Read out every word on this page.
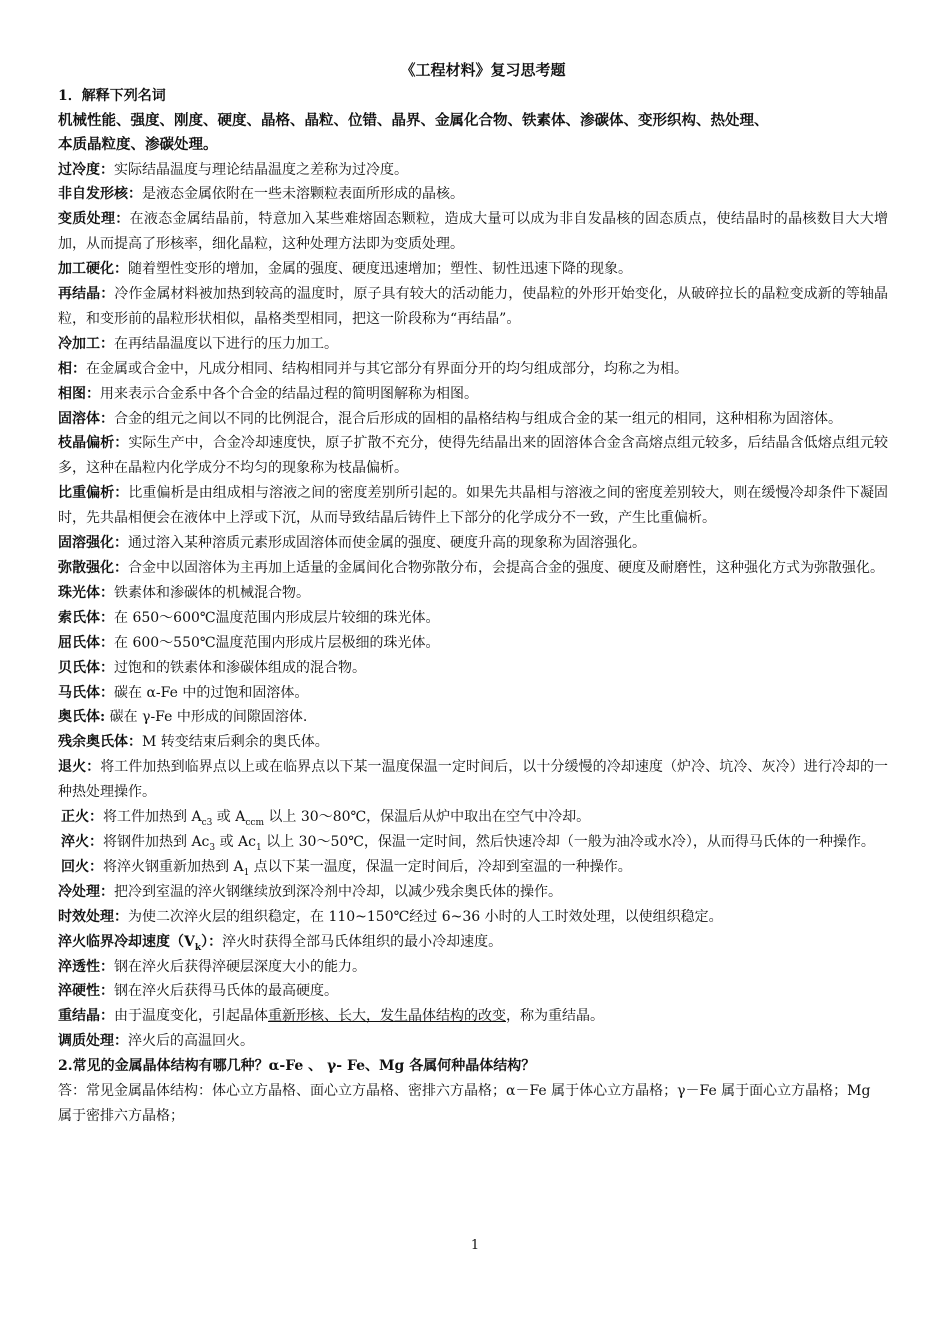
《工程材料》复习思考题
1．解释下列名词
机械性能、强度、刚度、硬度、晶格、晶粒、位错、晶界、金属化合物、铁素体、渗碳体、变形织构、热处理、
本质晶粒度、渗碳处理。
过冷度：实际结晶温度与理论结晶温度之差称为过冷度。
非自发形核：是液态金属依附在一些未溶颗粒表面所形成的晶核。
变质处理：在液态金属结晶前，特意加入某些难熔固态颗粒，造成大量可以成为非自发晶核的固态质点，使结晶时的晶核数目大大增加，从而提高了形核率，细化晶粒，这种处理方法即为变质处理。
加工硬化：随着塑性变形的增加，金属的强度、硬度迅速增加；塑性、韧性迅速下降的现象。
再结晶：冷作金属材料被加热到较高的温度时，原子具有较大的活动能力，使晶粒的外形开始变化，从破碎拉长的晶粒变成新的等轴晶粒，和变形前的晶粒形状相似，晶格类型相同，把这一阶段称为“再结晶”。
冷加工：在再结晶温度以下进行的压力加工。
相：在金属或合金中，凡成分相同、结构相同并与其它部分有界面分开的均匀组成部分，均称之为相。
相图：用来表示合金系中各个合金的结晶过程的简明图解称为相图。
固溶体：合金的组元之间以不同的比例混合，混合后形成的固相的晶格结构与组成合金的某一组元的相同，这种相称为固溶体。
枝晶偏析：实际生产中，合金冷却速度快，原子扩散不充分，使得先结晶出来的固溶体合金含高熔点组元较多，后结晶含低熔点组元较多，这种在晶粒内化学成分不均匀的现象称为枝晶偏析。
比重偏析：比重偏析是由组成相与溶液之间的密度差别所引起的。如果先共晶相与溶液之间的密度差别较大，则在缓慢冷却条件下凝固时，先共晶相便会在液体中上浮或下沉，从而导致结晶后铸件上下部分的化学成分不一致，产生比重偏析。
固溶强化：通过溶入某种溶质元素形成固溶体而使金属的强度、硬度升高的现象称为固溶强化。
弥散强化：合金中以固溶体为主再加上适量的金属间化合物弥散分布，会提高合金的强度、硬度及耐磨性，这种强化方式为弥散强化。
珠光体：铁素体和渗碳体的机械混合物。
索氏体：在 650～600℃温度范围内形成层片较细的珠光体。
屈氏体：在 600～550℃温度范围内形成片层极细的珠光体。
贝氏体：过饱和的铁素体和渗碳体组成的混合物。
马氏体：碳在 α-Fe 中的过饱和固溶体。
奥氏体: 碳在 γ-Fe 中形成的间隙固溶体.
残余奥氏体：M 转变结束后剩余的奥氏体。
退火：将工件加热到临界点以上或在临界点以下某一温度保温一定时间后，以十分缓慢的冷却速度（炉冷、坑冷、灰冷）进行冷却的一种热处理操作。
正火：将工件加热到 $A_{c3}$ 或 $A_{ccm}$ 以上 30～80℃，保温后从炉中取出在空气中冷却。
淬火：将钢件加热到 $Ac_3$ 或 $Ac_1$ 以上 30～50℃，保温一定时间，然后快速冷却（一般为油冷或水冷），从而得马氏体的一种操作。
回火：将淬火钢重新加热到 $A_1$ 点以下某一温度，保温一定时间后，冷却到室温的一种操作。
冷处理：把冷到室温的淬火钢继续放到深冷剂中冷却，以减少残余奥氏体的操作。
时效处理：为使二次淬火层的组织稳定，在 110~150℃经过 6~36 小时的人工时效处理，以使组织稳定。
淬火临界冷却速度$(V_k)$：淬火时获得全部马氏体组织的最小冷却速度。
淬透性：钢在淬火后获得淬硬层深度大小的能力。
淬硬性：钢在淬火后获得马氏体的最高硬度。
重结晶：由于温度变化，引起晶体重新形核、长大，发生晶体结构的改变，称为重结晶。
调质处理：淬火后的高温回火。
2.常见的金属晶体结构有哪几种？α-Fe 、 γ- Fe、Mg 各属何种晶体结构？
答：常见金属晶体结构：体心立方晶格、面心立方晶格、密排六方晶格；α－Fe 属于体心立方晶格；γ－Fe 属于面心立方晶格；Mg 属于密排六方晶格；
1
